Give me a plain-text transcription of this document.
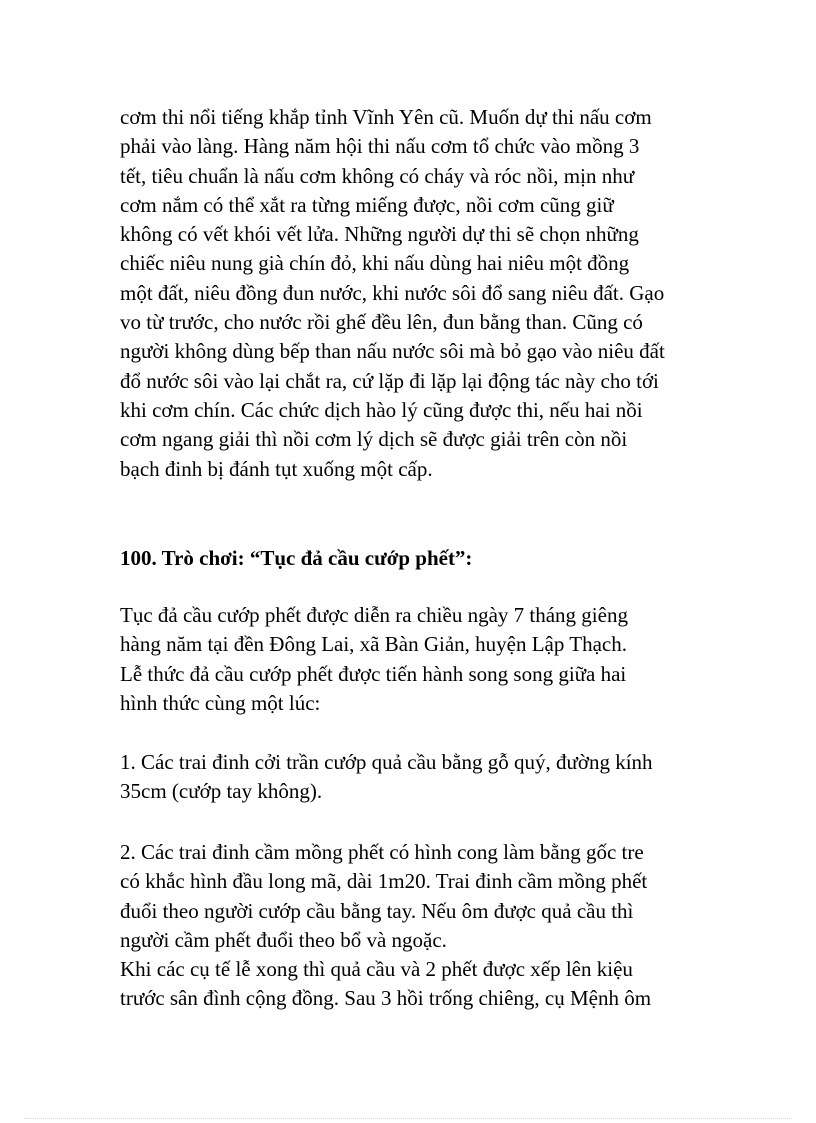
cơm thi nổi tiếng khắp tỉnh Vĩnh Yên cũ. Muốn dự thi nấu cơm
phải vào làng. Hàng năm hội thi nấu cơm tổ chức vào mồng 3
tết, tiêu chuẩn là nấu cơm không có cháy và róc nồi, mịn như
cơm nắm có thể xắt ra từng miếng được, nồi cơm cũng giữ
không có vết khói vết lửa. Những người dự thi sẽ chọn những
chiếc niêu nung già chín đỏ, khi nấu dùng hai niêu một đồng
một đất, niêu đồng đun nước, khi nước sôi đổ sang niêu đất. Gạo
vo từ trước, cho nước rồi ghế đều lên, đun bằng than. Cũng có
người không dùng bếp than nấu nước sôi mà bỏ gạo vào niêu đất
đổ nước sôi vào lại chắt ra, cứ lặp đi lặp lại động tác này cho tới
khi cơm chín. Các chức dịch hào lý cũng được thi, nếu hai nồi
cơm ngang giải thì nồi cơm lý dịch sẽ được giải trên còn nồi
bạch đinh bị đánh tụt xuống một cấp.
100. Trò chơi: “Tục đả cầu cướp phết”:
Tục đả cầu cướp phết được diễn ra chiều ngày 7 tháng giêng
hàng năm tại đền Đông Lai, xã Bàn Giản, huyện Lập Thạch.
Lễ thức đả cầu cướp phết được tiến hành song song giữa hai
hình thức cùng một lúc:
1. Các trai đinh cởi trần cướp quả cầu bằng gỗ quý, đường kính
35cm (cướp tay không).
2. Các trai đinh cầm mồng phết có hình cong làm bằng gốc tre
có khắc hình đầu long mã, dài 1m20. Trai đinh cầm mồng phết
đuổi theo người cướp cầu bằng tay. Nếu ôm được quả cầu thì
người cầm phết đuổi theo bổ và ngoặc.
Khi các cụ tế lễ xong thì quả cầu và 2 phết được xếp lên kiệu
trước sân đình cộng đồng. Sau 3 hồi trống chiêng, cụ Mệnh ôm
